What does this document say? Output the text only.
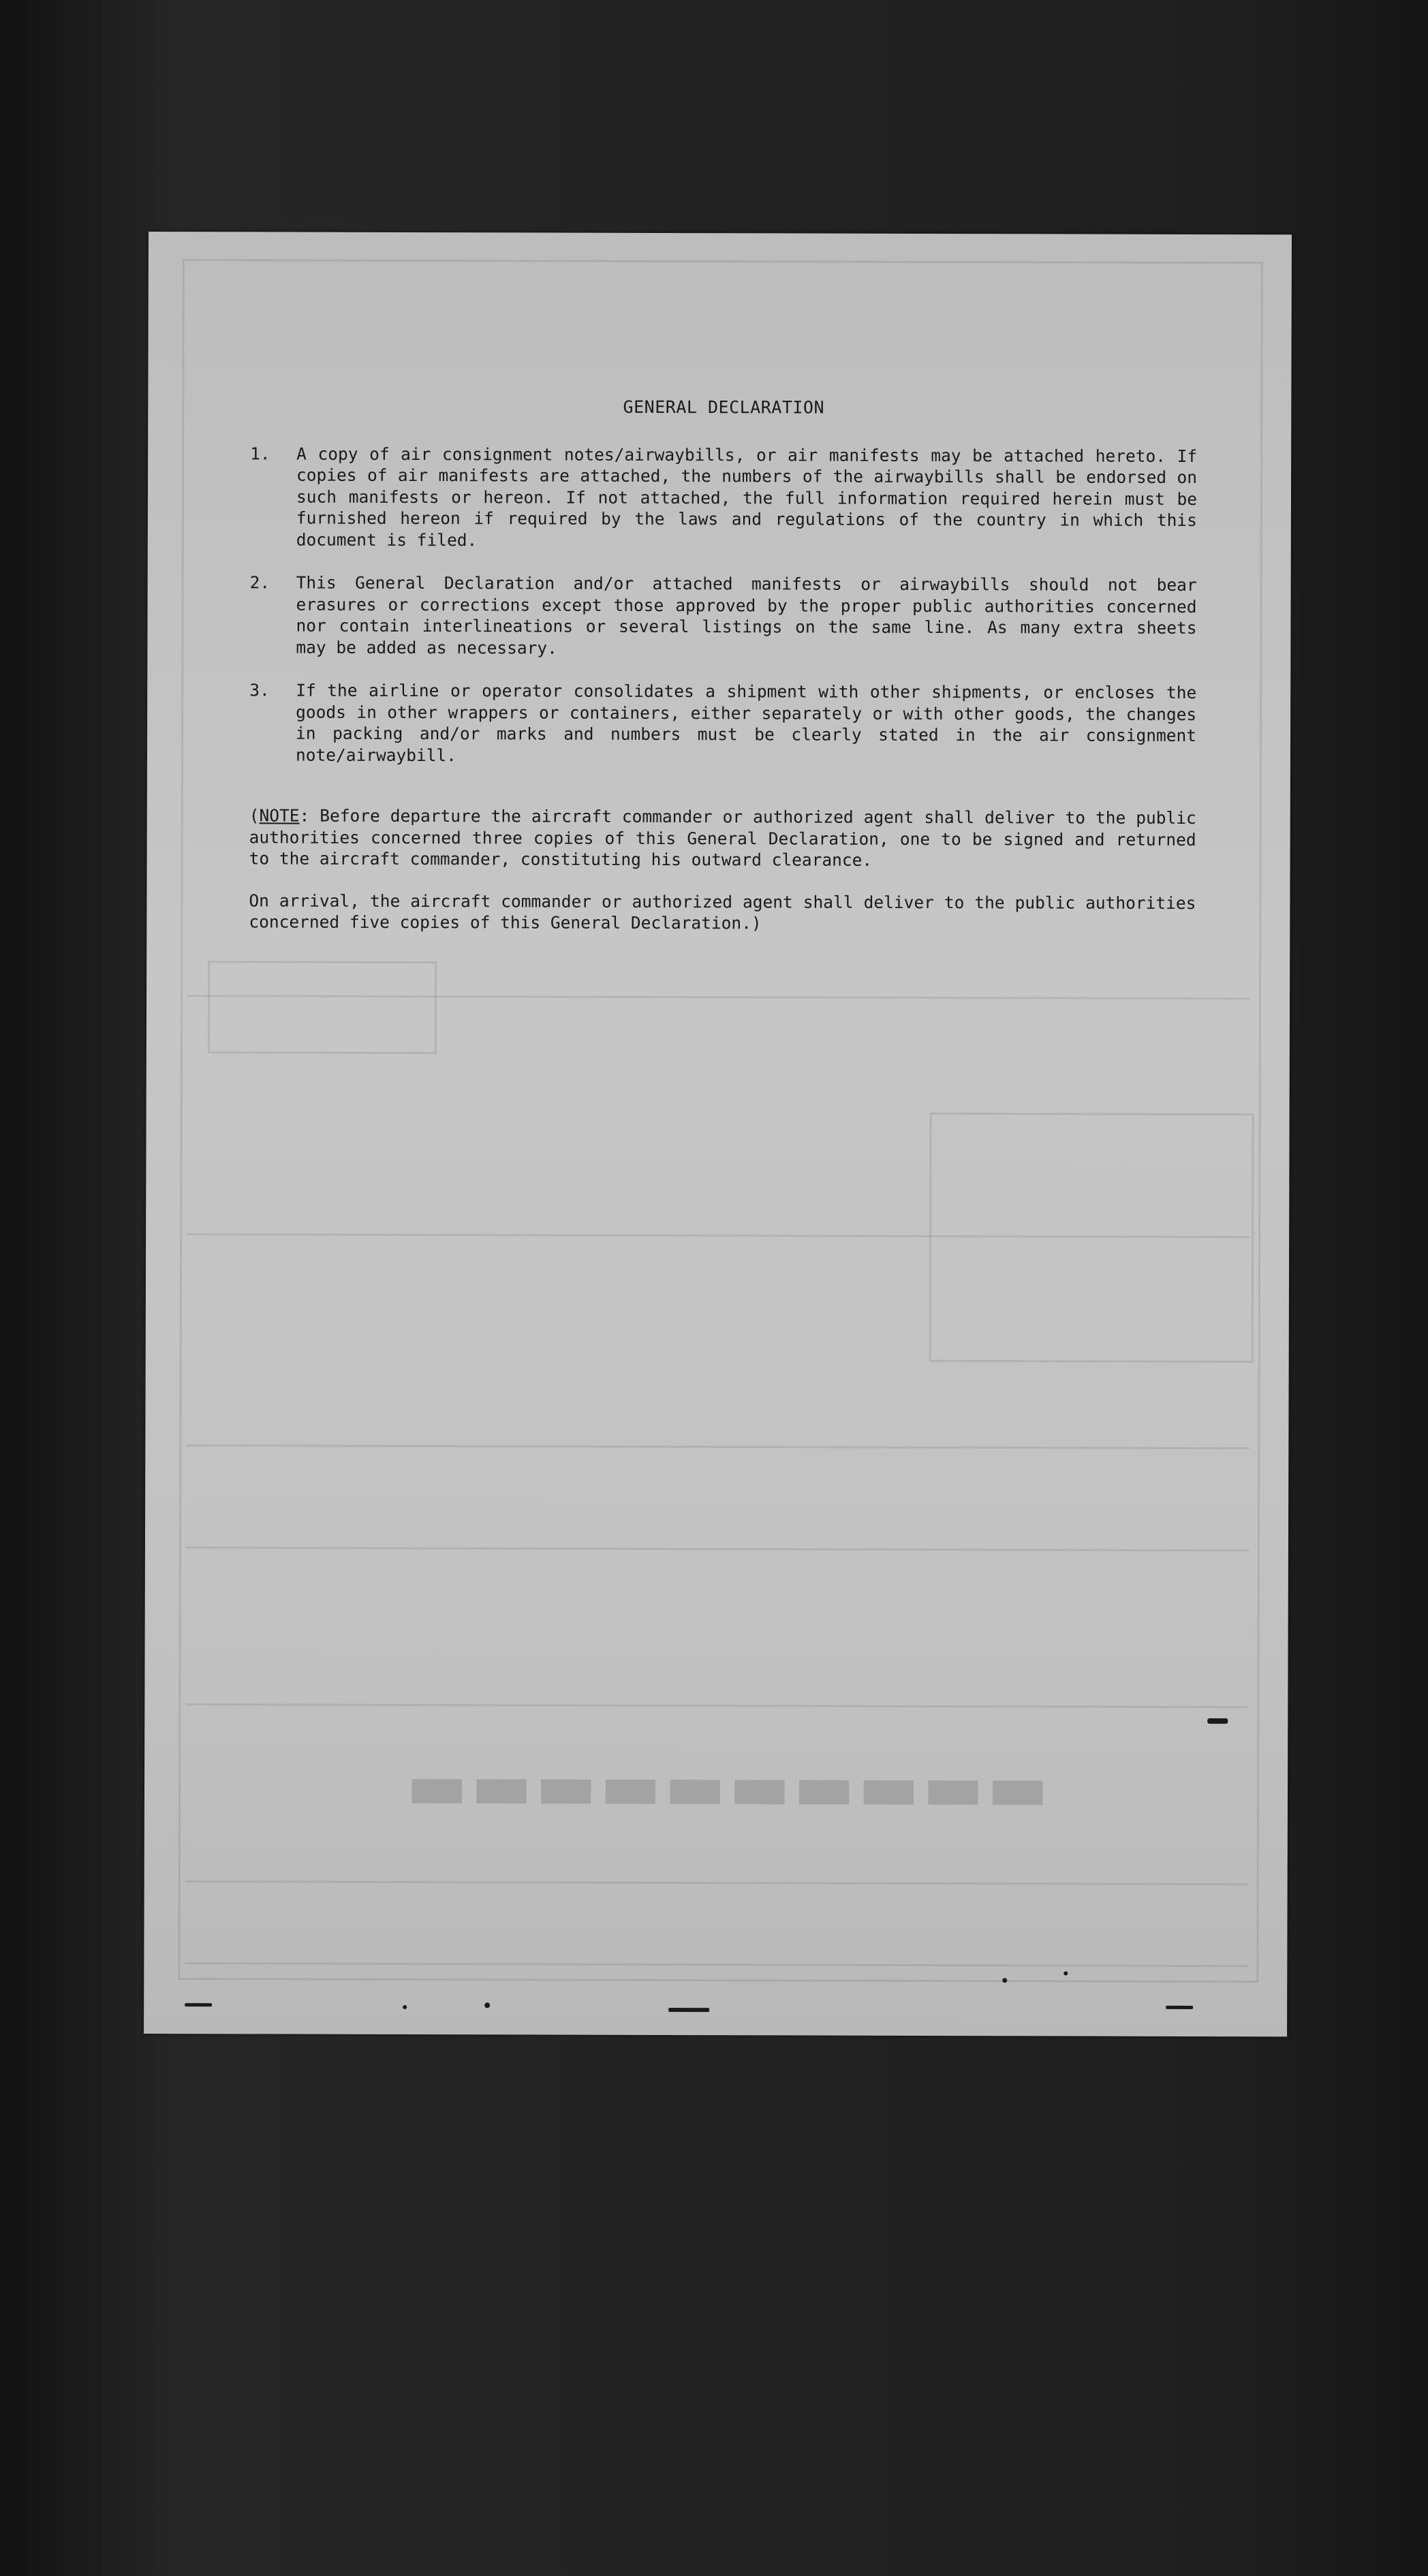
▬▬▬▬▬▬▬▬▬▬
GENERAL DECLARATION
1.	A copy of air consignment notes/airwaybills, or air manifests may be attached hereto. If copies of air manifests are attached, the numbers of the airwaybills shall be endorsed on such manifests or hereon. If not attached, the full information required herein must be furnished hereon if required by the laws and regulations of the country in which this document is filed.
2.	This General Declaration and/or attached manifests or airwaybills should not bear erasures or corrections except those approved by the proper public authorities concerned nor contain interlineations or several listings on the same line. As many extra sheets may be added as necessary.
3.	If the airline or operator consolidates a shipment with other shipments, or encloses the goods in other wrappers or containers, either separately or with other goods, the changes in packing and/or marks and numbers must be clearly stated in the air consignment note/airwaybill.
(NOTE: Before departure the aircraft commander or authorized agent shall deliver to the public authorities concerned three copies of this General Declaration, one to be signed and returned to the aircraft commander, constituting his outward clearance.
On arrival, the aircraft commander or authorized agent shall deliver to the public authorities concerned five copies of this General Declaration.)
